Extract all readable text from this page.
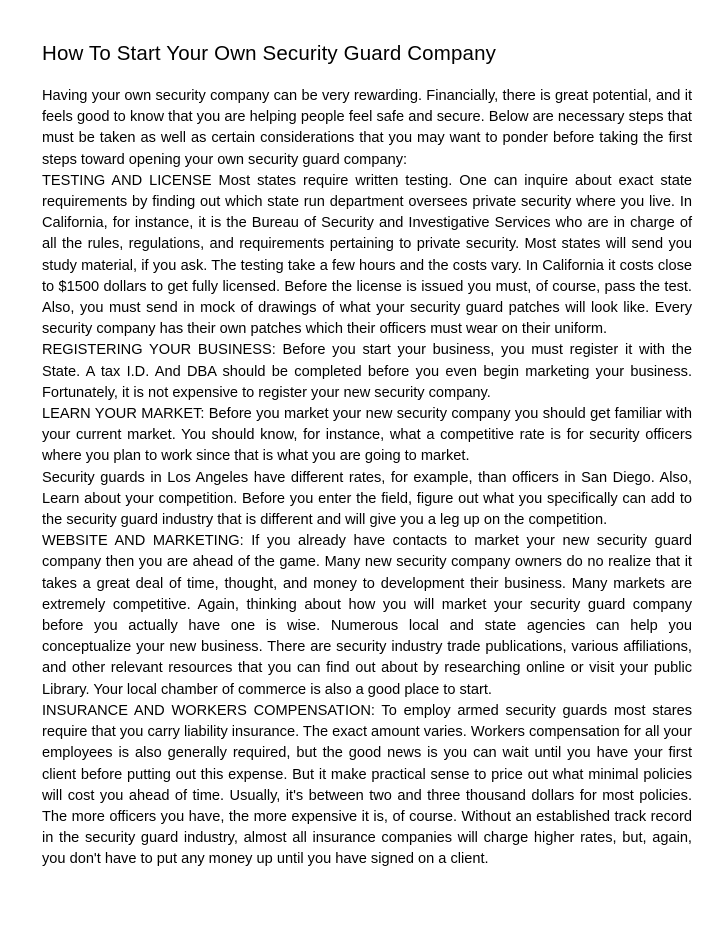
How To Start Your Own Security Guard Company

Having your own security company can be very rewarding. Financially, there is great potential, and it feels good to know that you are helping people feel safe and secure. Below are necessary steps that must be taken as well as certain considerations that you may want to ponder before taking the first steps toward opening your own security guard company:

TESTING AND LICENSE Most states require written testing. One can inquire about exact state requirements by finding out which state run department oversees private security where you live. In California, for instance, it is the Bureau of Security and Investigative Services who are in charge of all the rules, regulations, and requirements pertaining to private security. Most states will send you study material, if you ask. The testing take a few hours and the costs vary. In California it costs close to $1500 dollars to get fully licensed. Before the license is issued you must, of course, pass the test. Also, you must send in mock of drawings of what your security guard patches will look like. Every security company has their own patches which their officers must wear on their uniform.

REGISTERING YOUR BUSINESS: Before you start your business, you must register it with the State. A tax I.D. And DBA should be completed before you even begin marketing your business. Fortunately, it is not expensive to register your new security company.

LEARN YOUR MARKET: Before you market your new security company you should get familiar with your current market. You should know, for instance, what a competitive rate is for security officers where you plan to work since that is what you are going to market.

Security guards in Los Angeles have different rates, for example, than officers in San Diego. Also, Learn about your competition. Before you enter the field, figure out what you specifically can add to the security guard industry that is different and will give you a leg up on the competition.

WEBSITE AND MARKETING: If you already have contacts to market your new security guard company then you are ahead of the game. Many new security company owners do no realize that it takes a great deal of time, thought, and money to development their business. Many markets are extremely competitive. Again, thinking about how you will market your security guard company before you actually have one is wise. Numerous local and state agencies can help you conceptualize your new business. There are security industry trade publications, various affiliations, and other relevant resources that you can find out about by researching online or visit your public Library. Your local chamber of commerce is also a good place to start.

INSURANCE AND WORKERS COMPENSATION: To employ armed security guards most stares require that you carry liability insurance. The exact amount varies. Workers compensation for all your employees is also generally required, but the good news is you can wait until you have your first client before putting out this expense. But it make practical sense to price out what minimal policies will cost you ahead of time. Usually, it's between two and three thousand dollars for most policies. The more officers you have, the more expensive it is, of course. Without an established track record in the security guard industry, almost all insurance companies will charge higher rates, but, again, you don't have to put any money up until you have signed on a client.
